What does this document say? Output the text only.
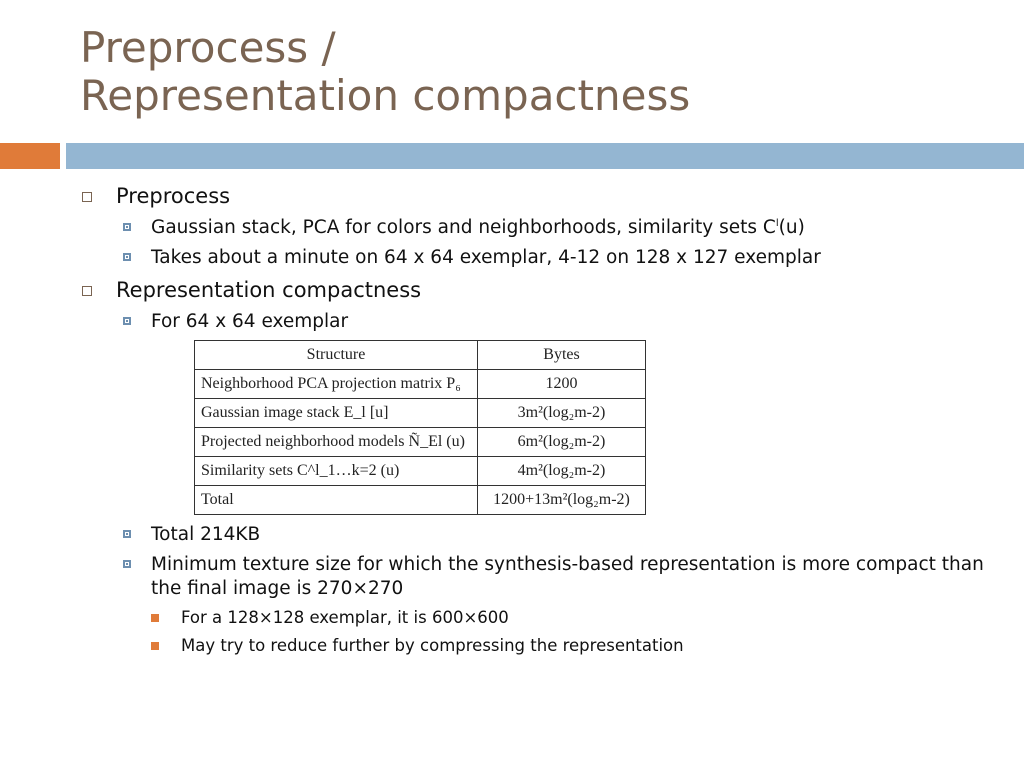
Preprocess /
Representation compactness
Preprocess
Gaussian stack, PCA for colors and neighborhoods, similarity sets $C^l(u)$
Takes about a minute on 64 x 64 exemplar, 4-12 on 128 x 127 exemplar
Representation compactness
For 64 x 64 exemplar
Structure	Bytes
Neighborhood PCA projection matrix P₆	1200
Gaussian image stack E_l [u]	3m²(log₂m-2)
Projected neighborhood models Ñ_El (u)	6m²(log₂m-2)
Similarity sets C^l_1…k=2 (u)	4m²(log₂m-2)
Total	1200+13m²(log₂m-2)
Total 214KB
Minimum texture size for which the synthesis-based representation is more compact than the final image is 270×270
For a 128×128 exemplar, it is 600×600
May try to reduce further by compressing the representation
